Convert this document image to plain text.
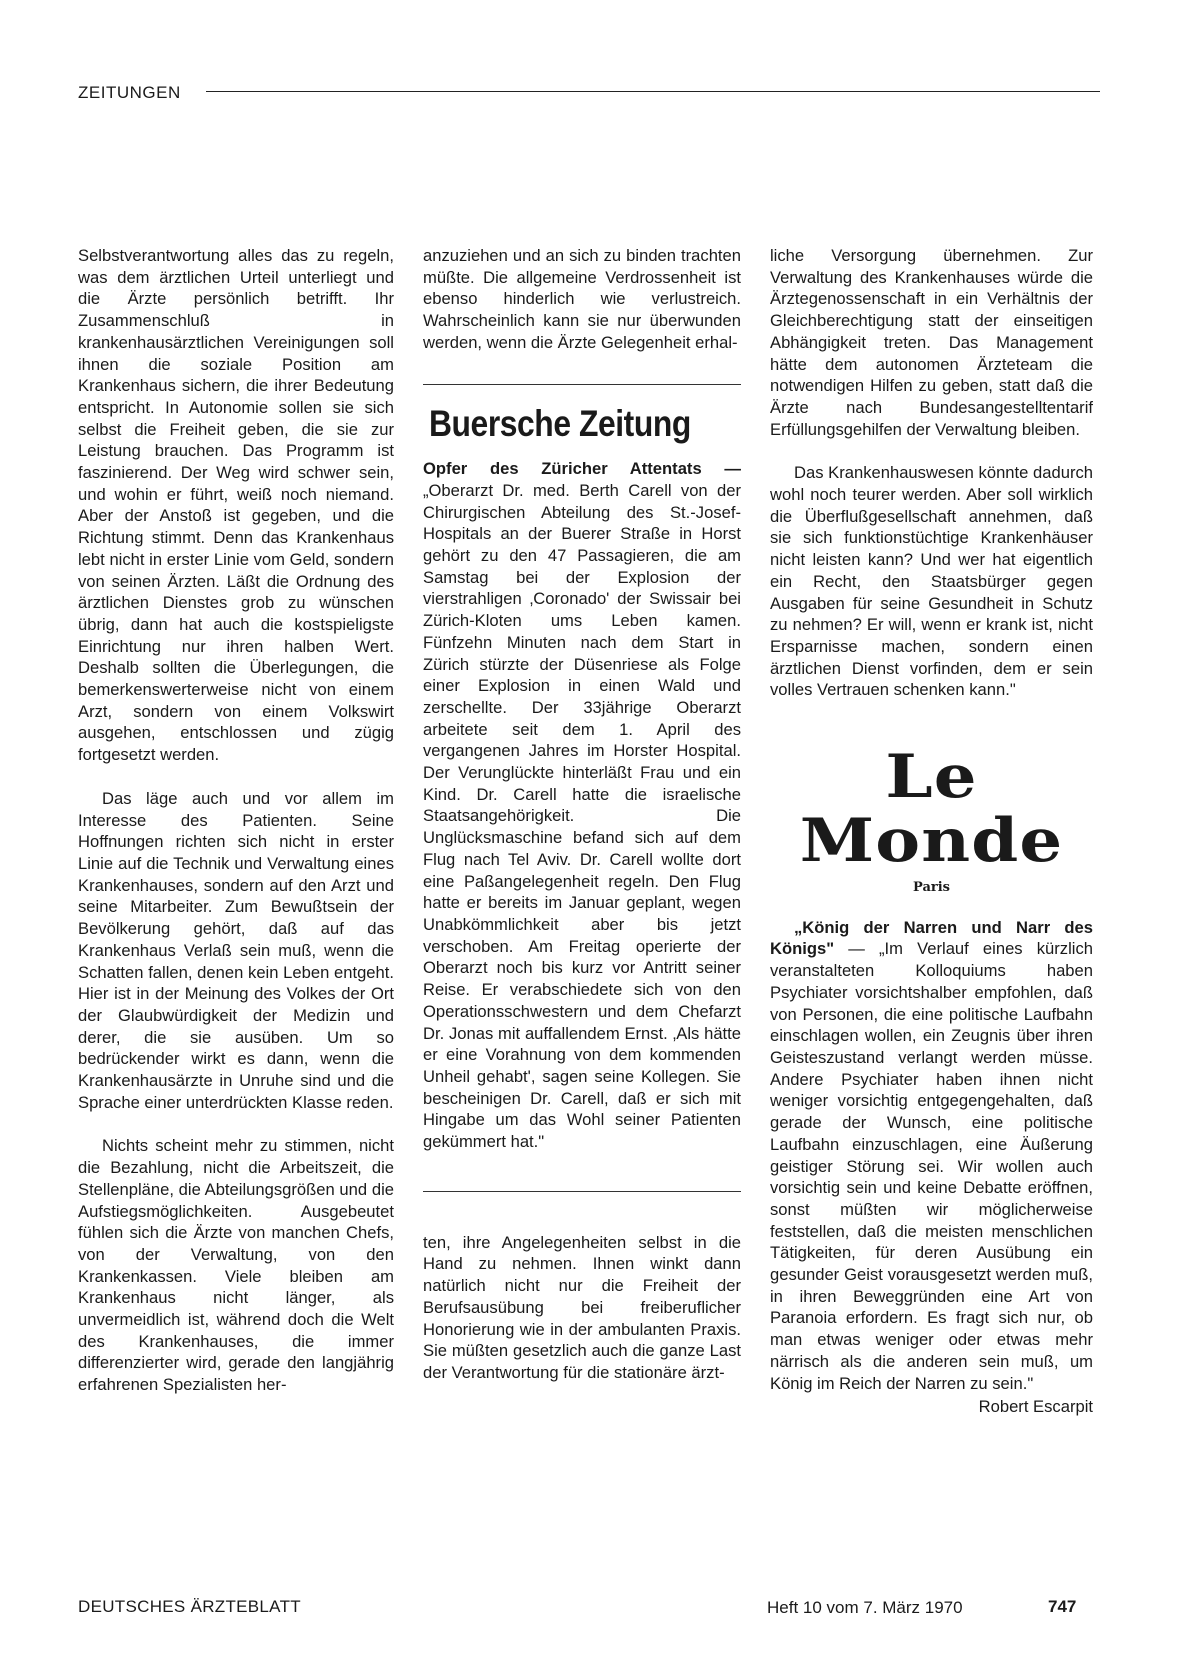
ZEITUNGEN

Selbstverantwortung alles das zu regeln, was dem ärztlichen Urteil unterliegt und die Ärzte persönlich betrifft. Ihr Zusammenschluß in krankenhausärztlichen Vereinigungen soll ihnen die soziale Position am Krankenhaus sichern, die ihrer Bedeutung entspricht. In Autonomie sollen sie sich selbst die Freiheit geben, die sie zur Leistung brauchen. Das Programm ist faszinierend. Der Weg wird schwer sein, und wohin er führt, weiß noch niemand. Aber der Anstoß ist gegeben, und die Richtung stimmt. Denn das Krankenhaus lebt nicht in erster Linie vom Geld, sondern von seinen Ärzten. Läßt die Ordnung des ärztlichen Dienstes grob zu wünschen übrig, dann hat auch die kostspieligste Einrichtung nur ihren halben Wert. Deshalb sollten die Überlegungen, die bemerkenswerterweise nicht von einem Arzt, sondern von einem Volkswirt ausgehen, entschlossen und zügig fortgesetzt werden.

Das läge auch und vor allem im Interesse des Patienten. Seine Hoffnungen richten sich nicht in erster Linie auf die Technik und Verwaltung eines Krankenhauses, sondern auf den Arzt und seine Mitarbeiter. Zum Bewußtsein der Bevölkerung gehört, daß auf das Krankenhaus Verlaß sein muß, wenn die Schatten fallen, denen kein Leben entgeht. Hier ist in der Meinung des Volkes der Ort der Glaubwürdigkeit der Medizin und derer, die sie ausüben. Um so bedrückender wirkt es dann, wenn die Krankenhausärzte in Unruhe sind und die Sprache einer unterdrückten Klasse reden.

Nichts scheint mehr zu stimmen, nicht die Bezahlung, nicht die Arbeitszeit, die Stellenpläne, die Abteilungsgrößen und die Aufstiegsmöglichkeiten. Ausgebeutet fühlen sich die Ärzte von manchen Chefs, von der Verwaltung, von den Krankenkassen. Viele bleiben am Krankenhaus nicht länger, als unvermeidlich ist, während doch die Welt des Krankenhauses, die immer differenzierter wird, gerade den langjährig erfahrenen Spezialisten her-

anzuziehen und an sich zu binden trachten müßte. Die allgemeine Verdrossenheit ist ebenso hinderlich wie verlustreich. Wahrscheinlich kann sie nur überwunden werden, wenn die Ärzte Gelegenheit erhal-

Buersche Zeitung

Opfer des Züricher Attentats — „Oberarzt Dr. med. Berth Carell von der Chirurgischen Abteilung des St.-Josef-Hospitals an der Buerer Straße in Horst gehört zu den 47 Passagieren, die am Samstag bei der Explosion der vierstrahligen ‚Coronado' der Swissair bei Zürich-Kloten ums Leben kamen. Fünfzehn Minuten nach dem Start in Zürich stürzte der Düsenriese als Folge einer Explosion in einen Wald und zerschellte. Der 33jährige Oberarzt arbeitete seit dem 1. April des vergangenen Jahres im Horster Hospital. Der Verunglückte hinterläßt Frau und ein Kind. Dr. Carell hatte die israelische Staatsangehörigkeit. Die Unglücksmaschine befand sich auf dem Flug nach Tel Aviv. Dr. Carell wollte dort eine Paßangelegenheit regeln. Den Flug hatte er bereits im Januar geplant, wegen Unabkömmlichkeit aber bis jetzt verschoben. Am Freitag operierte der Oberarzt noch bis kurz vor Antritt seiner Reise. Er verabschiedete sich von den Operationsschwestern und dem Chefarzt Dr. Jonas mit auffallendem Ernst. ‚Als hätte er eine Vorahnung von dem kommenden Unheil gehabt', sagen seine Kollegen. Sie bescheinigen Dr. Carell, daß er sich mit Hingabe um das Wohl seiner Patienten gekümmert hat."

ten, ihre Angelegenheiten selbst in die Hand zu nehmen. Ihnen winkt dann natürlich nicht nur die Freiheit der Berufsausübung bei freiberuflicher Honorierung wie in der ambulanten Praxis. Sie müßten gesetzlich auch die ganze Last der Verantwortung für die stationäre ärzt-

liche Versorgung übernehmen. Zur Verwaltung des Krankenhauses würde die Ärztegenossenschaft in ein Verhältnis der Gleichberechtigung statt der einseitigen Abhängigkeit treten. Das Management hätte dem autonomen Ärzteteam die notwendigen Hilfen zu geben, statt daß die Ärzte nach Bundesangestelltentarif Erfüllungsgehilfen der Verwaltung bleiben.

Das Krankenhauswesen könnte dadurch wohl noch teurer werden. Aber soll wirklich die Überflußgesellschaft annehmen, daß sie sich funktionstüchtige Krankenhäuser nicht leisten kann? Und wer hat eigentlich ein Recht, den Staatsbürger gegen Ausgaben für seine Gesundheit in Schutz zu nehmen? Er will, wenn er krank ist, nicht Ersparnisse machen, sondern einen ärztlichen Dienst vorfinden, dem er sein volles Vertrauen schenken kann."

Le Monde
Paris

„König der Narren und Narr des Königs" — „Im Verlauf eines kürzlich veranstalteten Kolloquiums haben Psychiater vorsichtshalber empfohlen, daß von Personen, die eine politische Laufbahn einschlagen wollen, ein Zeugnis über ihren Geisteszustand verlangt werden müsse. Andere Psychiater haben ihnen nicht weniger vorsichtig entgegengehalten, daß gerade der Wunsch, eine politische Laufbahn einzuschlagen, eine Äußerung geistiger Störung sei. Wir wollen auch vorsichtig sein und keine Debatte eröffnen, sonst müßten wir möglicherweise feststellen, daß die meisten menschlichen Tätigkeiten, für deren Ausübung ein gesunder Geist vorausgesetzt werden muß, in ihren Beweggründen eine Art von Paranoia erfordern. Es fragt sich nur, ob man etwas weniger oder etwas mehr närrisch als die anderen sein muß, um König im Reich der Narren zu sein."

Robert Escarpit
DEUTSCHES ÄRZTEBLATT	Heft 10 vom 7. März 1970	747
